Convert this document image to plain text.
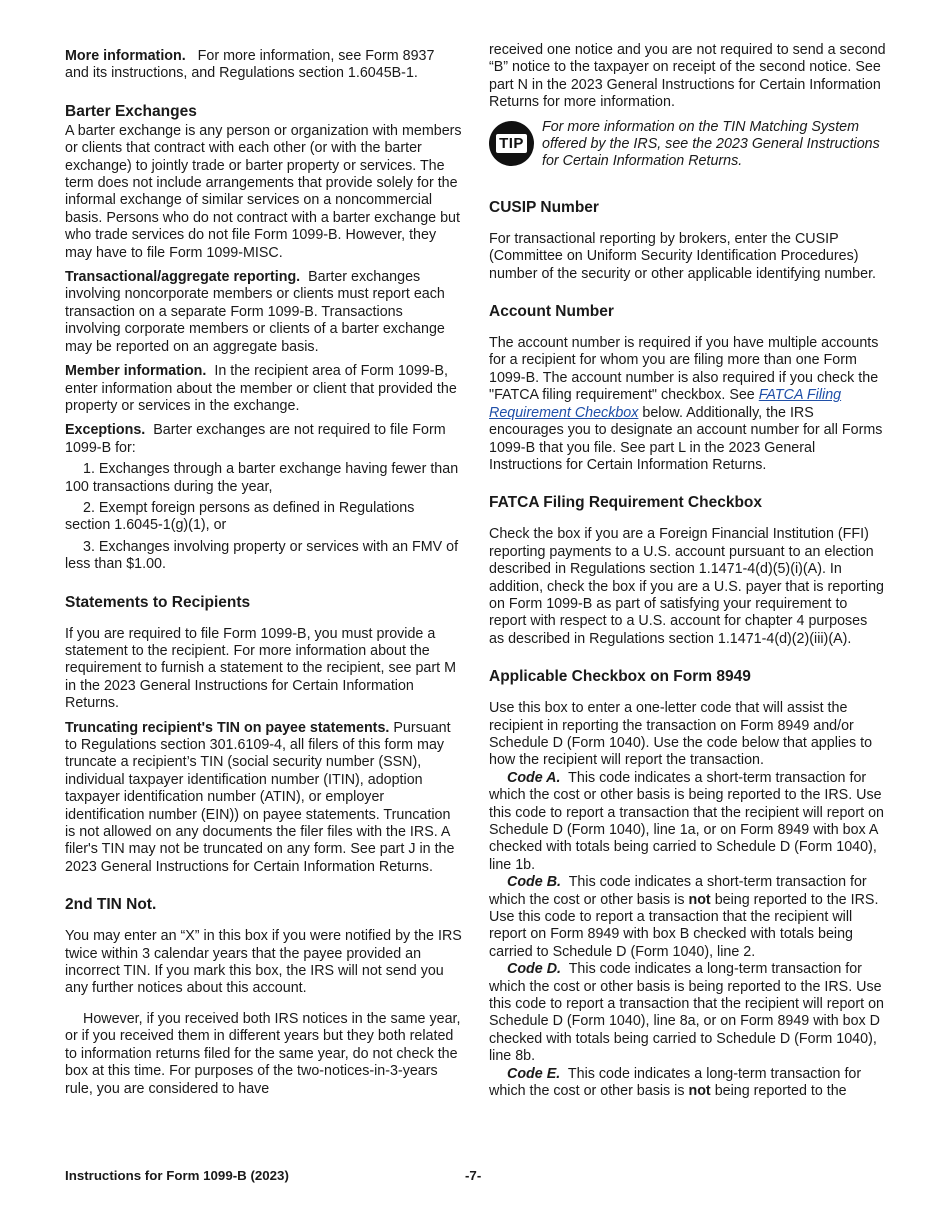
More information. For more information, see Form 8937 and its instructions, and Regulations section 1.6045B-1.

Barter Exchanges

A barter exchange is any person or organization with members or clients that contract with each other (or with the barter exchange) to jointly trade or barter property or services. The term does not include arrangements that provide solely for the informal exchange of similar services on a noncommercial basis. Persons who do not contract with a barter exchange but who trade services do not file Form 1099-B. However, they may have to file Form 1099-MISC.

Transactional/aggregate reporting. Barter exchanges involving noncorporate members or clients must report each transaction on a separate Form 1099-B. Transactions involving corporate members or clients of a barter exchange may be reported on an aggregate basis.

Member information. In the recipient area of Form 1099-B, enter information about the member or client that provided the property or services in the exchange.

Exceptions. Barter exchanges are not required to file Form 1099-B for:

1. Exchanges through a barter exchange having fewer than 100 transactions during the year,

2. Exempt foreign persons as defined in Regulations section 1.6045-1(g)(1), or

3. Exchanges involving property or services with an FMV of less than $1.00.

Statements to Recipients

If you are required to file Form 1099-B, you must provide a statement to the recipient. For more information about the requirement to furnish a statement to the recipient, see part M in the 2023 General Instructions for Certain Information Returns.

Truncating recipient's TIN on payee statements. Pursuant to Regulations section 301.6109-4, all filers of this form may truncate a recipient’s TIN (social security number (SSN), individual taxpayer identification number (ITIN), adoption taxpayer identification number (ATIN), or employer identification number (EIN)) on payee statements. Truncation is not allowed on any documents the filer files with the IRS. A filer's TIN may not be truncated on any form. See part J in the 2023 General Instructions for Certain Information Returns.

2nd TIN Not.

You may enter an “X” in this box if you were notified by the IRS twice within 3 calendar years that the payee provided an incorrect TIN. If you mark this box, the IRS will not send you any further notices about this account.

However, if you received both IRS notices in the same year, or if you received them in different years but they both related to information returns filed for the same year, do not check the box at this time. For purposes of the two-notices-in-3-years rule, you are considered to have

received one notice and you are not required to send a second “B” notice to the taxpayer on receipt of the second notice. See part N in the 2023 General Instructions for Certain Information Returns for more information.

TIP
For more information on the TIN Matching System offered by the IRS, see the 2023 General Instructions for Certain Information Returns.
CUSIP Number

For transactional reporting by brokers, enter the CUSIP (Committee on Uniform Security Identification Procedures) number of the security or other applicable identifying number.

Account Number

The account number is required if you have multiple accounts for a recipient for whom you are filing more than one Form 1099-B. The account number is also required if you check the "FATCA filing requirement" checkbox. See FATCA Filing Requirement Checkbox below. Additionally, the IRS encourages you to designate an account number for all Forms 1099-B that you file. See part L in the 2023 General Instructions for Certain Information Returns.

FATCA Filing Requirement Checkbox

Check the box if you are a Foreign Financial Institution (FFI) reporting payments to a U.S. account pursuant to an election described in Regulations section 1.1471-4(d)(5)(i)(A). In addition, check the box if you are a U.S. payer that is reporting on Form 1099-B as part of satisfying your requirement to report with respect to a U.S. account for chapter 4 purposes as described in Regulations section 1.1471-4(d)(2)(iii)(A).

Applicable Checkbox on Form 8949

Use this box to enter a one-letter code that will assist the recipient in reporting the transaction on Form 8949 and/or Schedule D (Form 1040). Use the code below that applies to how the recipient will report the transaction.

Code A. This code indicates a short-term transaction for which the cost or other basis is being reported to the IRS. Use this code to report a transaction that the recipient will report on Schedule D (Form 1040), line 1a, or on Form 8949 with box A checked with totals being carried to Schedule D (Form 1040), line 1b.

Code B. This code indicates a short-term transaction for which the cost or other basis is not being reported to the IRS. Use this code to report a transaction that the recipient will report on Form 8949 with box B checked with totals being carried to Schedule D (Form 1040), line 2.

Code D. This code indicates a long-term transaction for which the cost or other basis is being reported to the IRS. Use this code to report a transaction that the recipient will report on Schedule D (Form 1040), line 8a, or on Form 8949 with box D checked with totals being carried to Schedule D (Form 1040), line 8b.

Code E. This code indicates a long-term transaction for which the cost or other basis is not being reported to the

Instructions for Form 1099-B (2023)	-7-
